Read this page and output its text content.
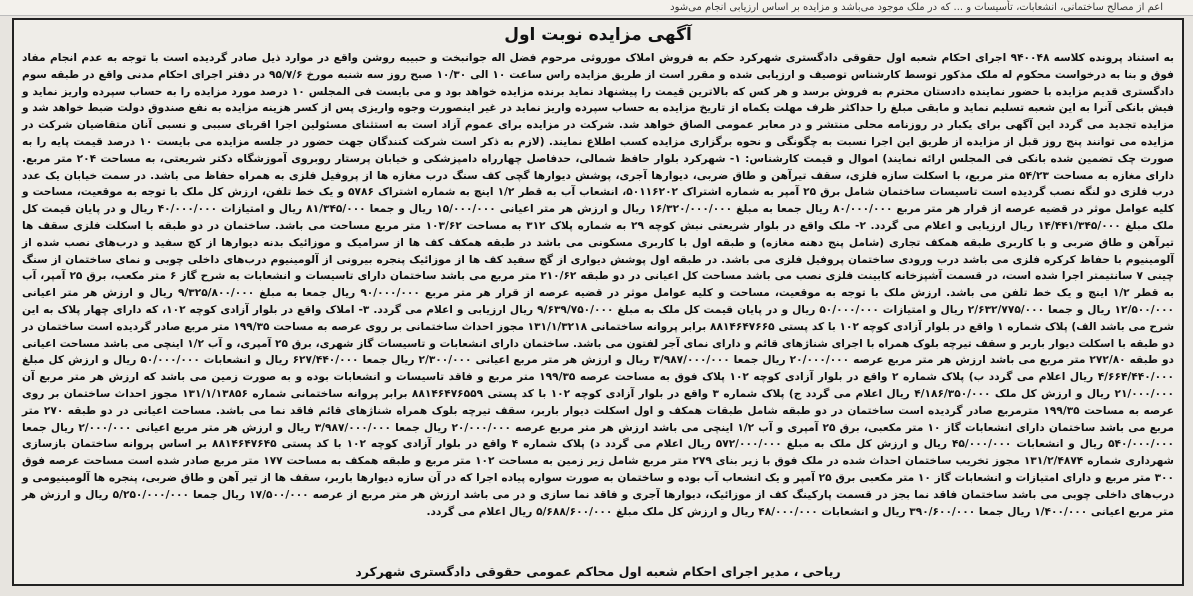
اعم از مصالح ساختمانی، انشعابات، تأسیسات و ... که در ملک موجود می‌باشد و مزایده بر اساس ارزیابی انجام می‌شود
آگهی مزایده نوبت اول
به استناد پرونده کلاسه ۹۴۰۰۴۸ اجرای احکام شعبه اول حقوقی دادگستری شهرکرد حکم به فروش املاک موروثی مرحوم فضل اله جوانبخت و حبیبه روشن واقع در موارد ذیل صادر گردیده است با توجه به عدم انجام مفاد فوق و بنا به درخواست محکوم له ملک مذکور توسط کارشناس توصیف و ارزیابی شده و مقرر است از طریق مزایده راس ساعت ۱۰ الی ۱۰/۳۰ صبح روز سه شنبه مورخ ۹۵/۷/۶ در دفتر اجرای احکام مدنی واقع در طبقه سوم دادگستری قدیم مزایده با حضور نماینده دادستان محترم به فروش برسد و هر کس که بالاترین قیمت را پیشنهاد نماید برنده مزایده خواهد بود و می بایست فی المجلس ۱۰ درصد مورد مزایده را به حساب سپرده واریز نماید و فیش بانکی آنرا به این شعبه تسلیم نماید و مابقی مبلغ را حداکثر ظرف مهلت یکماه از تاریخ مزایده به حساب سپرده واریز نماید در غیر اینصورت وجوه واریزی پس از کسر هزینه مزایده به نفع صندوق دولت ضبط خواهد شد و مزایده تجدید می گردد این آگهی برای یکبار در روزنامه محلی منتشر و در معابر عمومی الصاق خواهد شد. شرکت در مزایده برای عموم آزاد است به استثنای مسئولین اجرا اقربای سببی و نسبی آنان متقاضیان شرکت در مزایده می توانند پنج روز قبل از مزایده از طریق این اجرا نسبت به چگونگی و نحوه برگزاری مزایده کسب اطلاع نمایند. (لازم به ذکر است شرکت کنندگان جهت حضور در جلسه مزایده می بایست ۱۰ درصد قیمت پایه را به صورت چک تضمین شده بانکی فی المجلس ارائه نمایند) اموال و قیمت کارشناس: ۱- شهرکرد بلوار حافظ شمالی، حدفاصل چهارراه دامپزشکی و خیابان پرستار روبروی آموزشگاه دکتر شریعتی، به مساحت ۲۰۴ متر مربع. دارای مغازه به مساحت ۵۴/۲۳ متر مربع، با اسکلت سازه فلزی، سقف تیرآهن و طاق ضربی، دیوارها آجری، پوشش دیوارها گچی کف سنگ درب مغازه ها از پروفیل فلزی به همراه حفاظ می باشد. در سمت خیابان یک عدد درب فلزی دو لنگه نصب گردیده است تاسیسات ساختمان شامل برق ۲۵ آمپر به شماره اشتراک ۵۰۱۱۶۲۰۲، انشعاب آب به قطر ۱/۲ اینچ به شماره اشتراک ۵۷۸۶ و یک خط تلفن، ارزش کل ملک با توجه به موقعیت، مساحت و کلیه عوامل موثر در قضیه عرصه از قرار هر متر مربع ۸۰/۰۰۰/۰۰۰ ریال جمعا به مبلغ ۱۶/۳۲۰/۰۰۰/۰۰۰ ریال و ارزش هر متر اعیانی ۱۵/۰۰۰/۰۰۰ ریال و جمعا ۸۱/۳۴۵/۰۰۰ ریال و امتیازات ۴۰/۰۰۰/۰۰۰ ریال و در پایان قیمت کل ملک مبلغ ۱۴/۴۴۱/۳۴۵/۰۰۰ ریال ارزیابی و اعلام می گردد. ۲- ملک واقع در بلوار شریعتی نبش کوچه ۲۹ به شماره پلاک ۳۱۲ به مساحت ۱۰۳/۶۲ متر مربع مساحت می باشد. ساختمان در دو طبقه با اسکلت فلزی سقف ها تیرآهن و طاق ضربی و با کاربری طبقه همکف تجاری (شامل پنج دهنه مغازه) و طبقه اول با کاربری مسکونی می باشد در طبقه همکف کف ها از سرامیک و موزائیک بدنه دیوارها از کچ سفید و درب‌های نصب شده از آلومینیوم با حفاظ کرکره فلزی می باشد درب ورودی ساختمان پروفیل فلزی می باشد. در طبقه اول پوشش دیواری از گچ سفید کف ها از موزائیک پنجره بیرونی از آلومینیوم درب‌های داخلی چوبی و نمای ساختمان از سنگ چینی ۷ سانتیمتر اجرا شده است، در قسمت آشپزخانه کابینت فلزی نصب می باشد مساحت کل اعیانی در دو طبقه ۲۱۰/۶۲ متر مربع می باشد ساختمان دارای تاسیسات و انشعابات به شرح گاز ۶ متر مکعب، برق ۲۵ آمپر، آب به قطر ۱/۲ اینچ و یک خط تلفن می باشد. ارزش ملک با توجه به موقعیت، مساحت و کلیه عوامل موثر در قضیه عرصه از قرار هر متر مربع ۹۰/۰۰۰/۰۰۰ ریال جمعا به مبلغ ۹/۳۲۵/۸۰۰/۰۰۰ ریال و ارزش هر متر اعیانی ۱۲/۵۰۰/۰۰۰ ریال و جمعا ۲/۶۳۲/۷۷۵/۰۰۰ ریال و امتیازات ۵۰/۰۰۰/۰۰۰ ریال و در پایان قیمت کل ملک به مبلغ ۹/۶۳۹/۷۵۰/۰۰۰ ریال ارزیابی و اعلام می گردد. ۳- املاک واقع در بلوار آزادی کوچه ۱۰۲، که دارای چهار پلاک به این شرح می باشد الف) پلاک شماره ۱ واقع در بلوار آزادی کوچه ۱۰۲ با کد پستی ۸۸۱۴۶۴۷۶۶۵ برابر پروانه ساختمانی ۱۳۱/۱/۳۲۱۸ مجوز احداث ساختمانی بر روی عرصه به مساحت ۱۹۹/۳۵ متر مربع صادر گردیده است ساختمان در دو طبقه با اسکلت دیوار باربر و سقف تیرچه بلوک همراه با اجرای شناژهای قائم و دارای نمای آجر لفتون می باشد. ساختمان دارای انشعابات و تاسیسات گاز شهری، برق ۲۵ آمپری، و آب ۱/۲ اینچی می باشد مساحت اعیانی دو طبقه ۲۷۲/۸۰ متر مربع می باشد ارزش هر متر مربع عرصه ۲۰/۰۰۰/۰۰۰ ریال جمعا ۳/۹۸۷/۰۰۰/۰۰۰ ریال و ارزش هر متر مربع اعیانی ۲/۳۰۰/۰۰۰ ریال جمعا ۶۲۷/۴۴۰/۰۰۰ ریال و انشعابات ۵۰/۰۰۰/۰۰۰ ریال و ارزش کل مبلغ ۴/۶۶۴/۴۴۰/۰۰۰ ریال اعلام می گردد ب) پلاک شماره ۲ واقع در بلوار آزادی کوچه ۱۰۲ پلاک فوق به مساحت عرصه ۱۹۹/۳۵ متر مربع و فاقد تاسیسات و انشعابات بوده و به صورت زمین می باشد که ارزش هر متر مربع آن ۲۱/۰۰۰/۰۰۰ ریال و ارزش کل ملک ۴/۱۸۶/۳۵۰/۰۰۰ ریال اعلام می گردد ج) پلاک شماره ۳ واقع در بلوار آزادی کوچه ۱۰۲ با کد پستی ۸۸۱۴۶۴۷۶۵۵۹ برابر پروانه ساختمانی شماره ۱۳۱/۱/۱۳۸۵۶ مجوز احداث ساختمان بر روی عرصه به مساحت ۱۹۹/۳۵ مترمربع صادر گردیده است ساختمان در دو طبقه شامل طبقات همکف و اول اسکلت دیوار باربر، سقف تیرچه بلوک همراه شناژهای قائم فاقد نما می باشد. مساحت اعیانی در دو طبقه ۲۷۰ متر مربع می باشد ساختمان دارای انشعابات گاز ۱۰ متر مکعبی، برق ۲۵ آمپری و آب ۱/۲ اینچی می باشد ارزش هر متر مربع عرصه ۲۰/۰۰۰/۰۰۰ ریال جمعا ۳/۹۸۷/۰۰۰/۰۰۰ ریال و ارزش هر متر مربع اعیانی ۲/۰۰۰/۰۰۰ ریال جمعا ۵۴۰/۰۰۰/۰۰۰ ریال و انشعابات ۴۵/۰۰۰/۰۰۰ ریال و ارزش کل ملک به مبلغ ۵۷۲/۰۰۰/۰۰۰ ریال اعلام می گردد د) پلاک شماره ۴ واقع در بلوار آزادی کوچه ۱۰۲ با کد پستی ۸۸۱۴۶۴۷۶۴۵ بر اساس پروانه ساختمان بازسازی شهرداری شماره ۱۳۱/۲/۴۸۷۴ مجوز تخریب ساختمان احداث شده در ملک فوق با زیر بنای ۲۷۹ متر مربع شامل زیر زمین به مساحت ۱۰۲ متر مربع و طبقه همکف به مساحت ۱۷۷ متر مربع صادر شده است مساحت عرصه فوق ۳۰۰ متر مربع و دارای امتیازات و انشعابات گاز ۱۰ متر مکعبی برق ۲۵ آمپر و یک انشعاب آب بوده و ساختمان به صورت سواره پیاده اجرا که در آن سازه دیوارها باربر، سقف ها از تیر آهن و طاق ضربی، پنجره ها آلومینیومی و درب‌های داخلی چوبی می باشد ساختمان فاقد نما بجز در قسمت پارکینگ کف از موزائیک، دیوارها آجری و فاقد نما سازی و در می باشد ارزش هر متر مربع از عرصه ۱۷/۵۰۰/۰۰۰ ریال جمعا ۵/۲۵۰/۰۰۰/۰۰۰ ریال و ارزش هر متر مربع اعیانی ۱/۴۰۰/۰۰۰ ریال جمعا ۳۹۰/۶۰۰/۰۰۰ ریال و انشعابات ۴۸/۰۰۰/۰۰۰ ریال و ارزش کل ملک مبلغ ۵/۶۸۸/۶۰۰/۰۰۰ ریال اعلام می گردد.
ریاحی،مدیر اجرای احکام شعبه اول محاکم عمومی حقوقی دادگستری شهرکرد
